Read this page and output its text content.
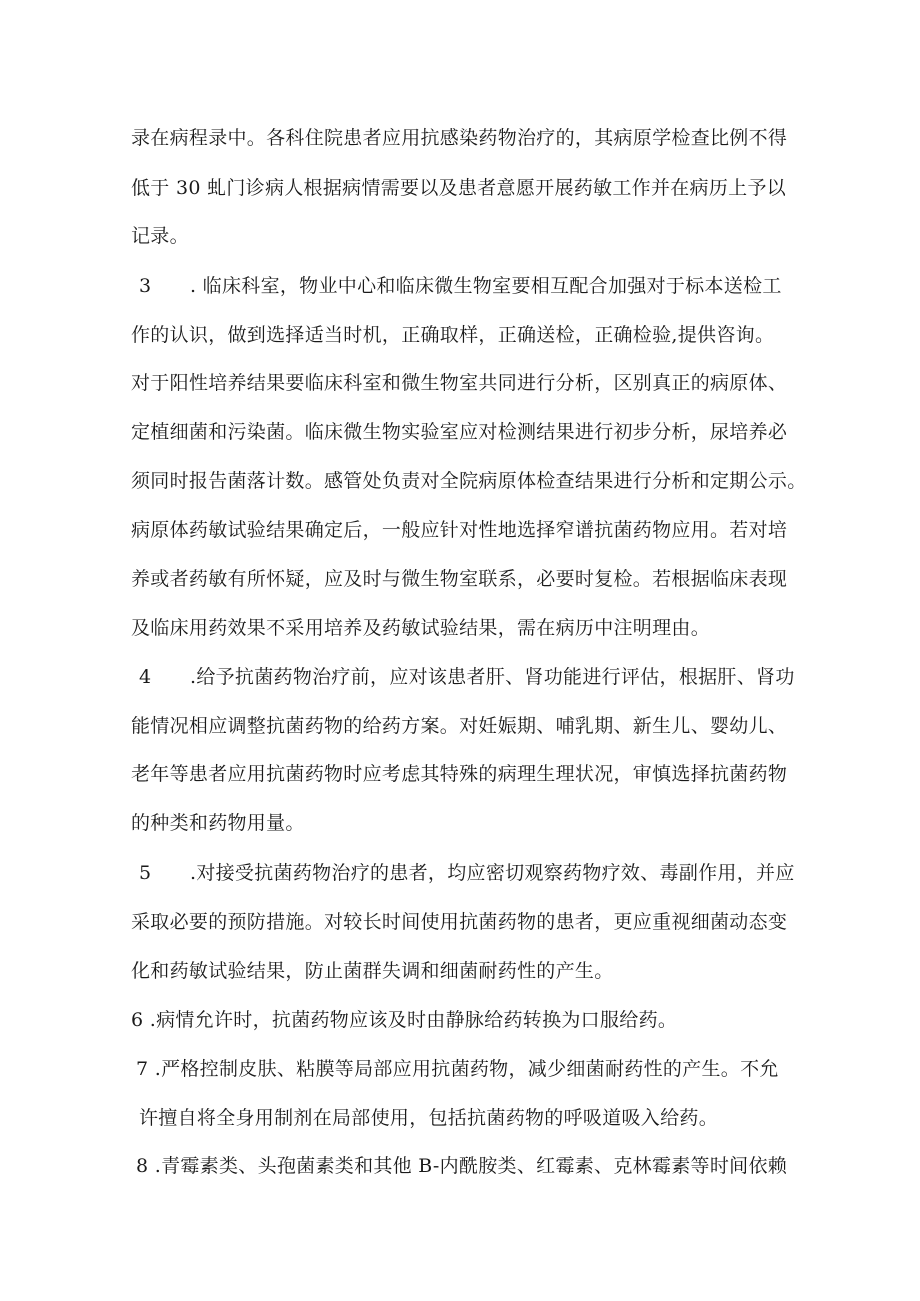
录在病程录中。各科住院患者应用抗感染药物治疗的，其病原学检查比例不得
低于 30 虬门诊病人根据病情需要以及患者意愿开展药敏工作并在病历上予以
记录。
3　　. 临床科室，物业中心和临床微生物室要相互配合加强对于标本送检工
作的认识，做到选择适当时机，正确取样，正确送检，正确检验,提供咨询。
对于阳性培养结果要临床科室和微生物室共同进行分析，区别真正的病原体、
定植细菌和污染菌。临床微生物实验室应对检测结果进行初步分析，尿培养必
须同时报告菌落计数。感管处负责对全院病原体检查结果进行分析和定期公示。
病原体药敏试验结果确定后，一般应针对性地选择窄谱抗菌药物应用。若对培
养或者药敏有所怀疑，应及时与微生物室联系，必要时复检。若根据临床表现
及临床用药效果不采用培养及药敏试验结果，需在病历中注明理由。
4　　.给予抗菌药物治疗前，应对该患者肝、肾功能进行评估，根据肝、肾功
能情况相应调整抗菌药物的给药方案。对妊娠期、哺乳期、新生儿、婴幼儿、
老年等患者应用抗菌药物时应考虑其特殊的病理生理状况，审慎选择抗菌药物
的种类和药物用量。
5　　.对接受抗菌药物治疗的患者，均应密切观察药物疗效、毒副作用，并应
采取必要的预防措施。对较长时间使用抗菌药物的患者，更应重视细菌动态变
化和药敏试验结果，防止菌群失调和细菌耐药性的产生。
6 .病情允许时，抗菌药物应该及时由静脉给药转换为口服给药。
7 .严格控制皮肤、粘膜等局部应用抗菌药物，减少细菌耐药性的产生。不允
许擅自将全身用制剂在局部使用，包括抗菌药物的呼吸道吸入给药。
8 .青霉素类、头孢菌素类和其他 B-内酰胺类、红霉素、克林霉素等时间依赖
